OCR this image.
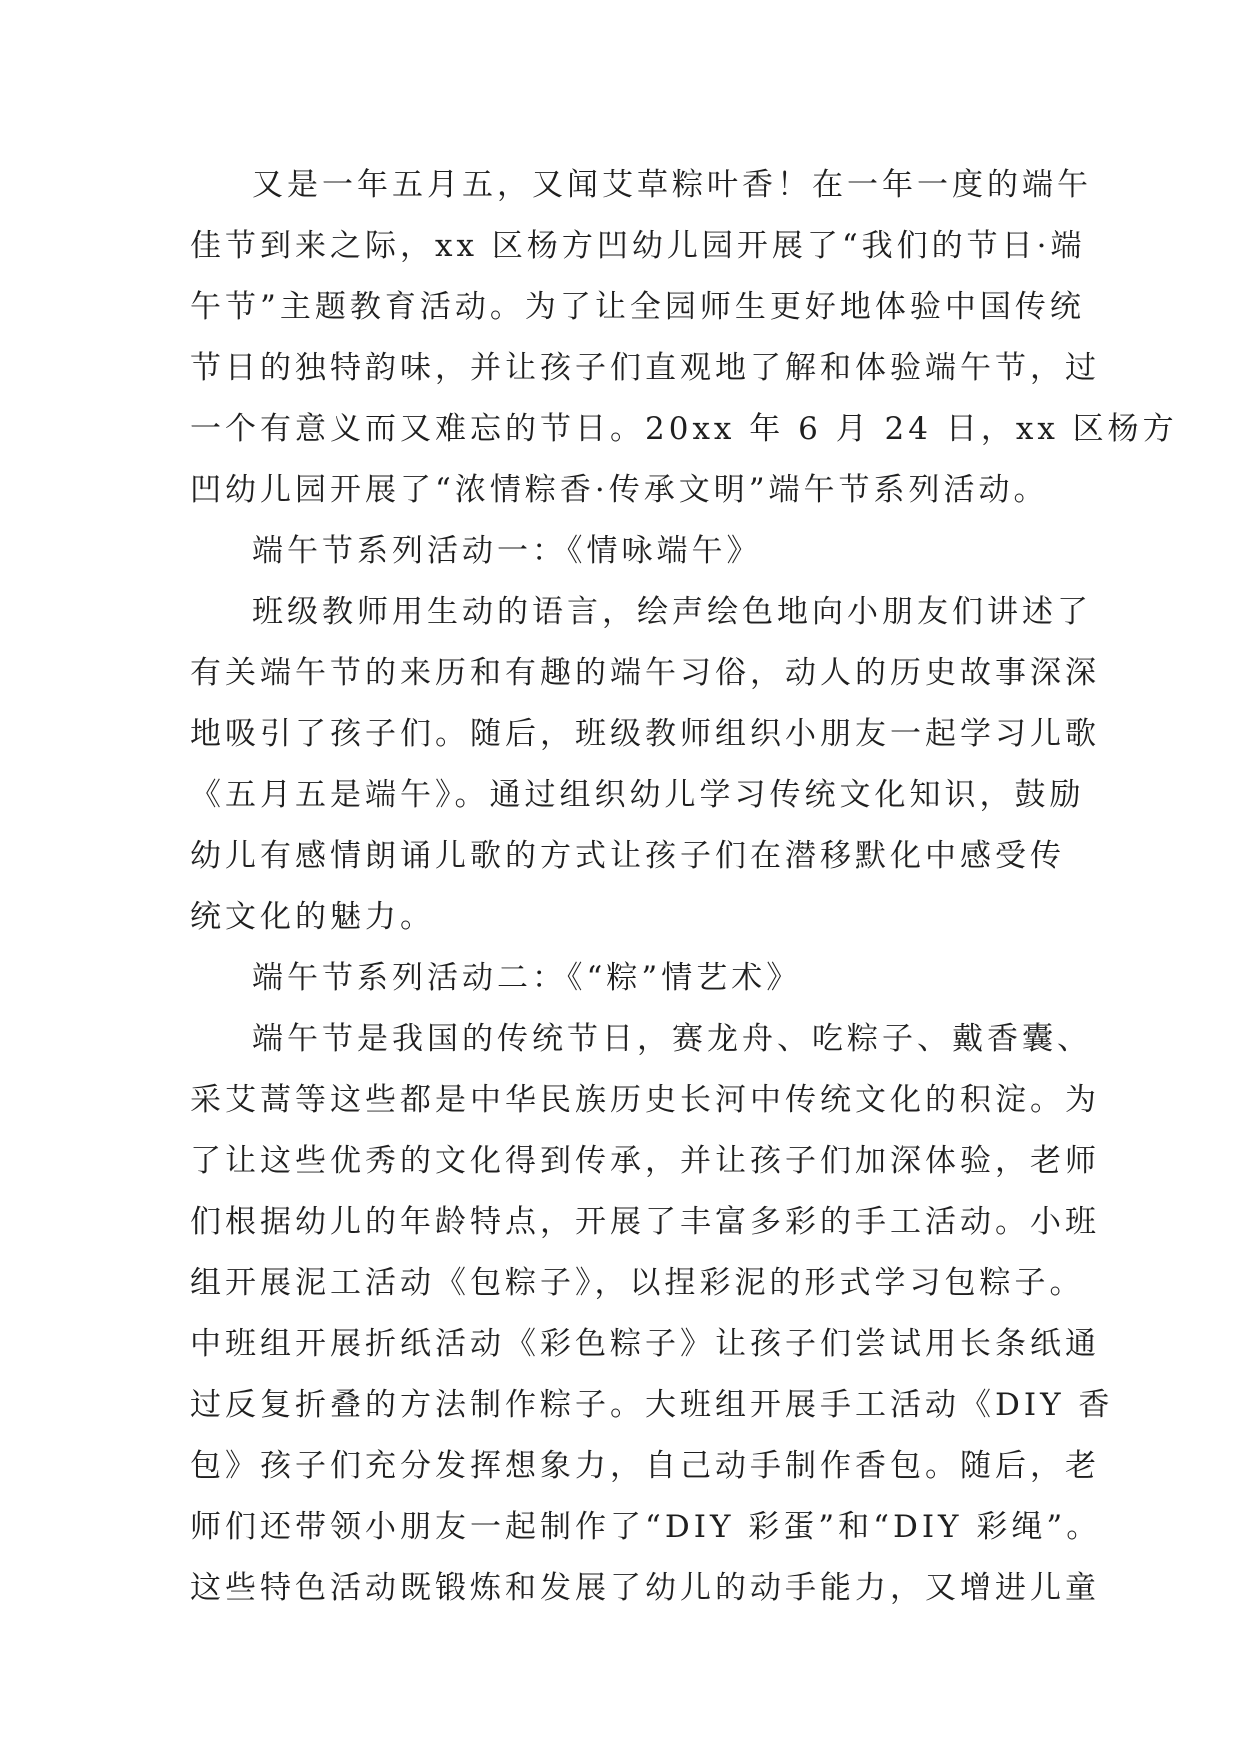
又是一年五月五，又闻艾草粽叶香！在一年一度的端午
佳节到来之际，xx 区杨方凹幼儿园开展了“我们的节日·端
午节”主题教育活动。为了让全园师生更好地体验中国传统
节日的独特韵味，并让孩子们直观地了解和体验端午节，过
一个有意义而又难忘的节日。20xx 年 6 月 24 日，xx 区杨方
凹幼儿园开展了“浓情粽香·传承文明”端午节系列活动。
端午节系列活动一：《情咏端午》
班级教师用生动的语言，绘声绘色地向小朋友们讲述了
有关端午节的来历和有趣的端午习俗，动人的历史故事深深
地吸引了孩子们。随后，班级教师组织小朋友一起学习儿歌
《五月五是端午》。通过组织幼儿学习传统文化知识，鼓励
幼儿有感情朗诵儿歌的方式让孩子们在潜移默化中感受传
统文化的魅力。
端午节系列活动二：《“粽”情艺术》
端午节是我国的传统节日，赛龙舟、吃粽子、戴香囊、
采艾蒿等这些都是中华民族历史长河中传统文化的积淀。为
了让这些优秀的文化得到传承，并让孩子们加深体验，老师
们根据幼儿的年龄特点，开展了丰富多彩的手工活动。小班
组开展泥工活动《包粽子》，以捏彩泥的形式学习包粽子。
中班组开展折纸活动《彩色粽子》让孩子们尝试用长条纸通
过反复折叠的方法制作粽子。大班组开展手工活动《DIY 香
包》孩子们充分发挥想象力，自己动手制作香包。随后，老
师们还带领小朋友一起制作了“DIY 彩蛋”和“DIY 彩绳”。
这些特色活动既锻炼和发展了幼儿的动手能力，又增进儿童
